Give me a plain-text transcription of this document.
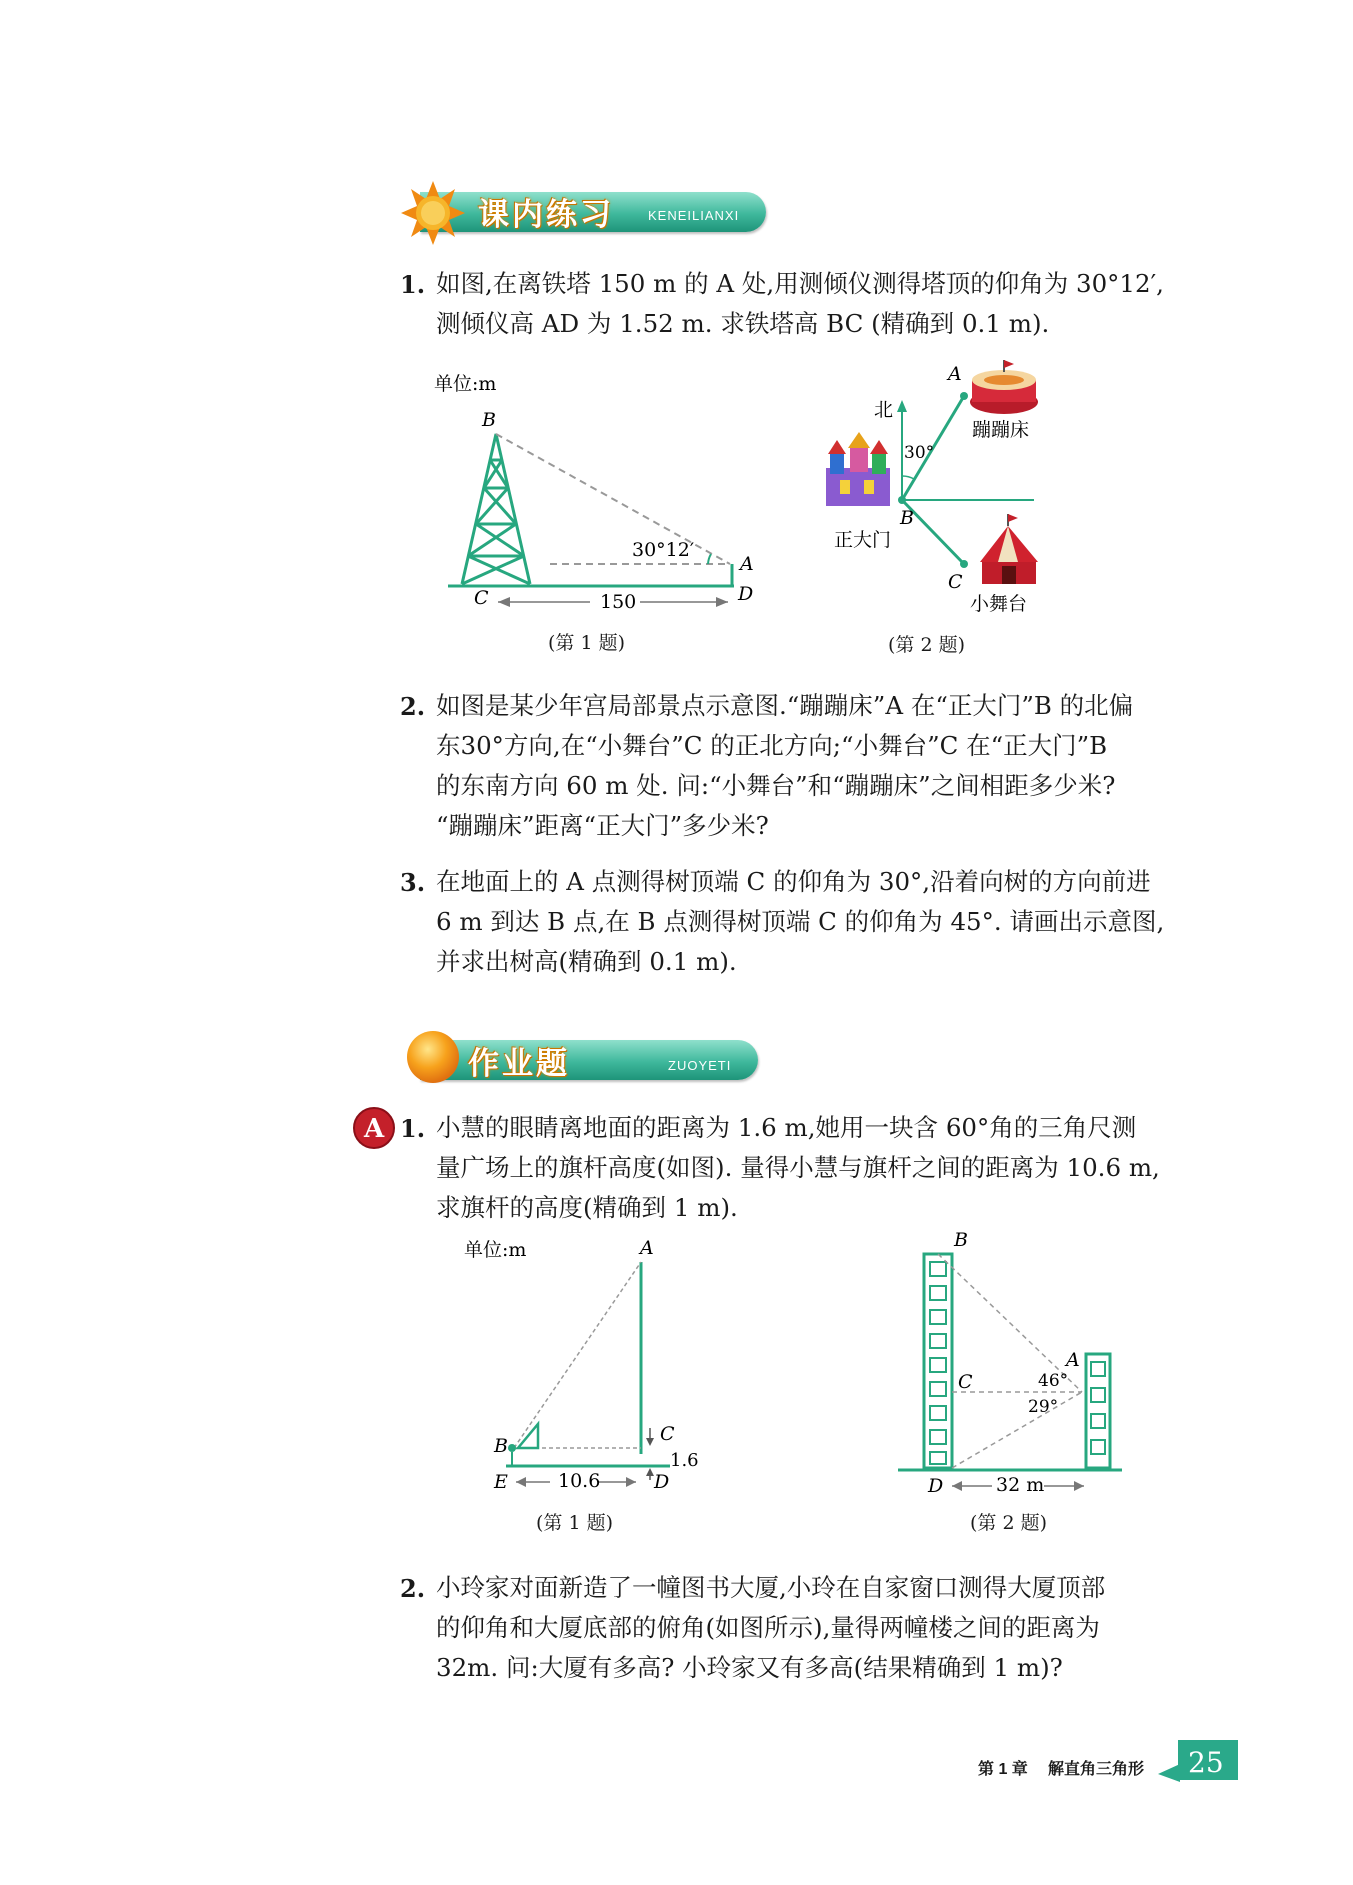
课内练习	KENEILIANXI
1. 如图,在离铁塔 150 m 的 A 处,用测倾仪测得塔顶的仰角为 30°12′,
测倾仪高 AD 为 1.52 m. 求铁塔高 BC (精确到 0.1 m).
单位:m
B
30°12′
A
D
C	150
(第 1 题)
北
30°
A
B
C
蹦蹦床
正大门
小舞台
(第 2 题)
2. 如图是某少年宫局部景点示意图.“蹦蹦床”A 在“正大门”B 的北偏
东30°方向,在“小舞台”C 的正北方向;“小舞台”C 在“正大门”B
的东南方向 60 m 处. 问:“小舞台”和“蹦蹦床”之间相距多少米?
“蹦蹦床”距离“正大门”多少米?
3. 在地面上的 A 点测得树顶端 C 的仰角为 30°,沿着向树的方向前进
6 m 到达 B 点,在 B 点测得树顶端 C 的仰角为 45°. 请画出示意图,
并求出树高(精确到 0.1 m).
作业题	ZUOYETI
A 1. 小慧的眼睛离地面的距离为 1.6 m,她用一块含 60°角的三角尺测
量广场上的旗杆高度(如图). 量得小慧与旗杆之间的距离为 10.6 m,
求旗杆的高度(精确到 1 m).
单位:m	A
B
E
C
D
1.6
10.6
(第 1 题)
B
A
C	46°
29°
D	32 m
(第 2 题)
2. 小玲家对面新造了一幢图书大厦,小玲在自家窗口测得大厦顶部
的仰角和大厦底部的俯角(如图所示),量得两幢楼之间的距离为
32m. 问:大厦有多高? 小玲家又有多高(结果精确到 1 m)?
第 1 章 解直角三角形 25
